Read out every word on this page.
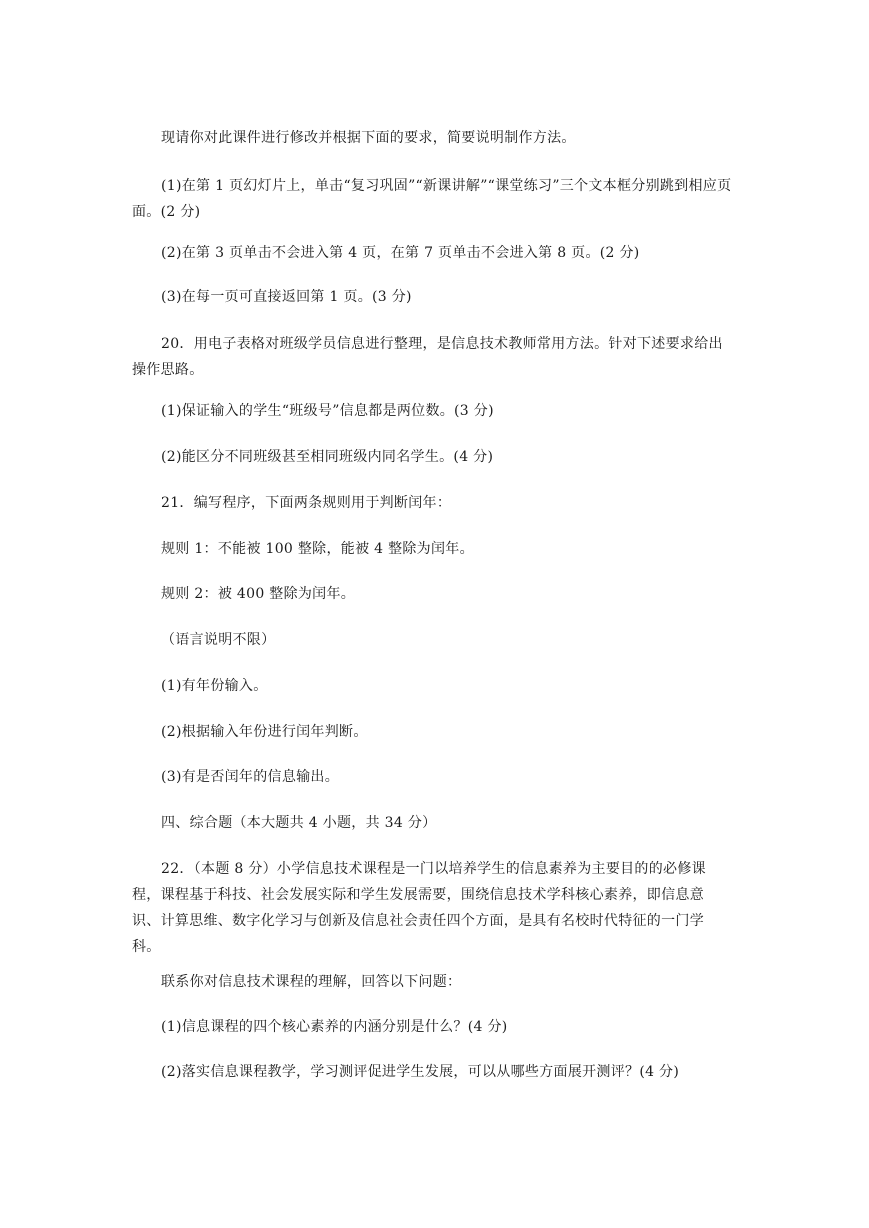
现请你对此课件进行修改并根据下面的要求，简要说明制作方法。

(1)在第 1 页幻灯片上，单击“复习巩固”“新课讲解”“课堂练习”三个文本框分别跳到相应页面。(2 分)

(2)在第 3 页单击不会进入第 4 页，在第 7 页单击不会进入第 8 页。(2 分)

(3)在每一页可直接返回第 1 页。(3 分)

20．用电子表格对班级学员信息进行整理，是信息技术教师常用方法。针对下述要求给出操作思路。

(1)保证输入的学生“班级号”信息都是两位数。(3 分)

(2)能区分不同班级甚至相同班级内同名学生。(4 分)

21．编写程序，下面两条规则用于判断闰年：

规则 1：不能被 100 整除，能被 4 整除为闰年。

规则 2：被 400 整除为闰年。

（语言说明不限）

(1)有年份输入。

(2)根据输入年份进行闰年判断。

(3)有是否闰年的信息输出。

四、综合题（本大题共 4 小题，共 34 分）

22．（本题 8 分）小学信息技术课程是一门以培养学生的信息素养为主要目的的必修课程，课程基于科技、社会发展实际和学生发展需要，围绕信息技术学科核心素养，即信息意识、计算思维、数字化学习与创新及信息社会责任四个方面，是具有名校时代特征的一门学科。

联系你对信息技术课程的理解，回答以下问题：

(1)信息课程的四个核心素养的内涵分别是什么？(4 分)

(2)落实信息课程教学，学习测评促进学生发展，可以从哪些方面展开测评？(4 分)
